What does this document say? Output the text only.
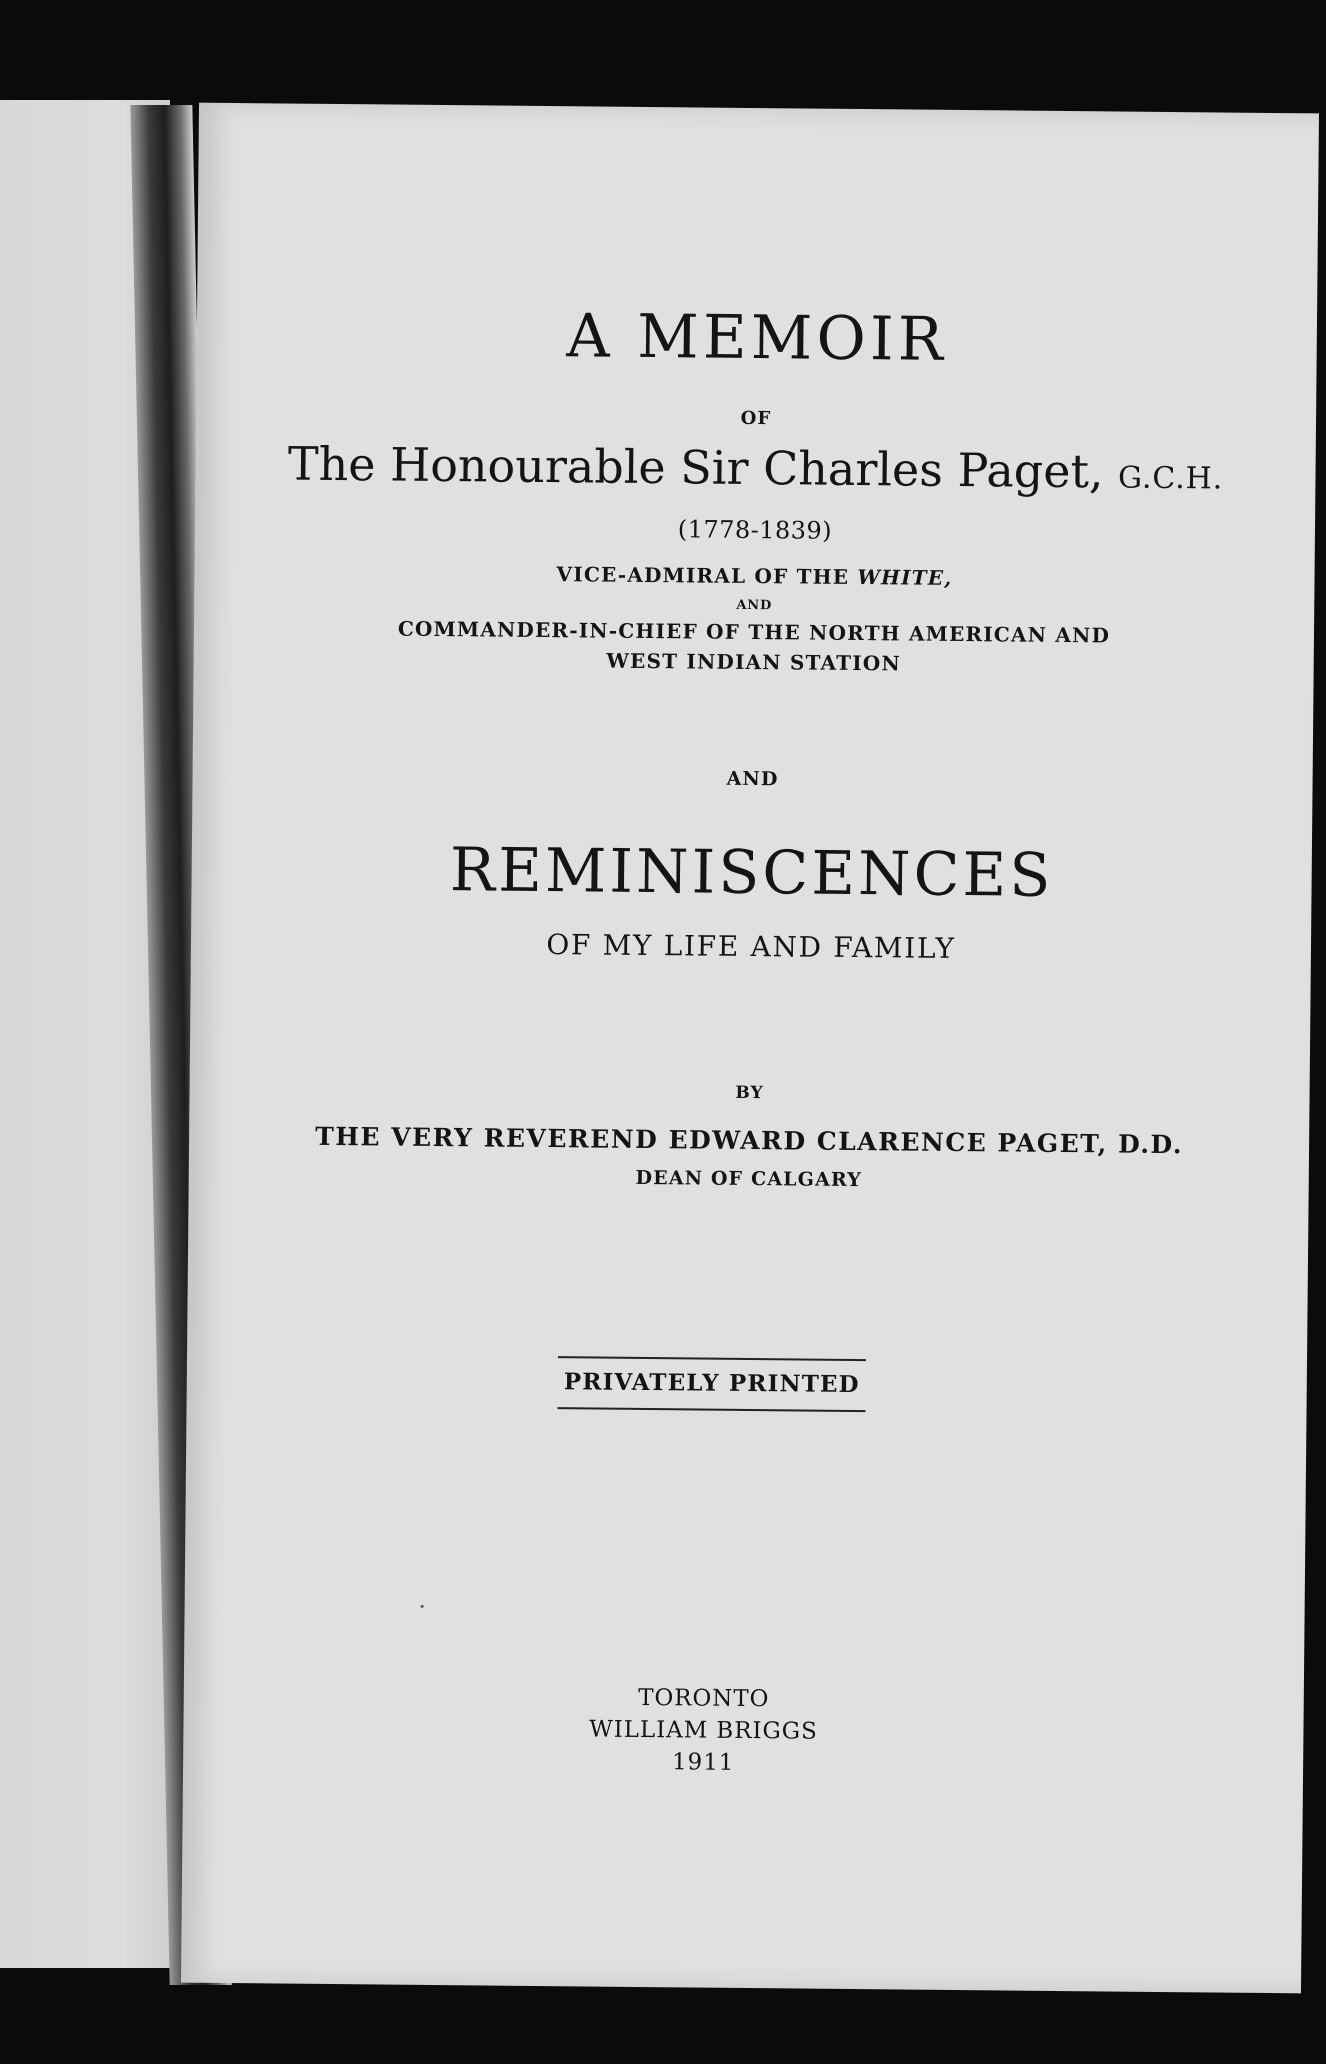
A MEMOIR
OF
The Honourable Sir Charles Paget, G.C.H.
(1778-1839)
VICE-ADMIRAL OF THE WHITE,
AND
COMMANDER-IN-CHIEF OF THE NORTH AMERICAN AND
WEST INDIAN STATION
AND
REMINISCENCES
OF MY LIFE AND FAMILY
BY
THE VERY REVEREND EDWARD CLARENCE PAGET, D.D.
DEAN OF CALGARY
PRIVATELY PRINTED
TORONTO
WILLIAM BRIGGS
1911
